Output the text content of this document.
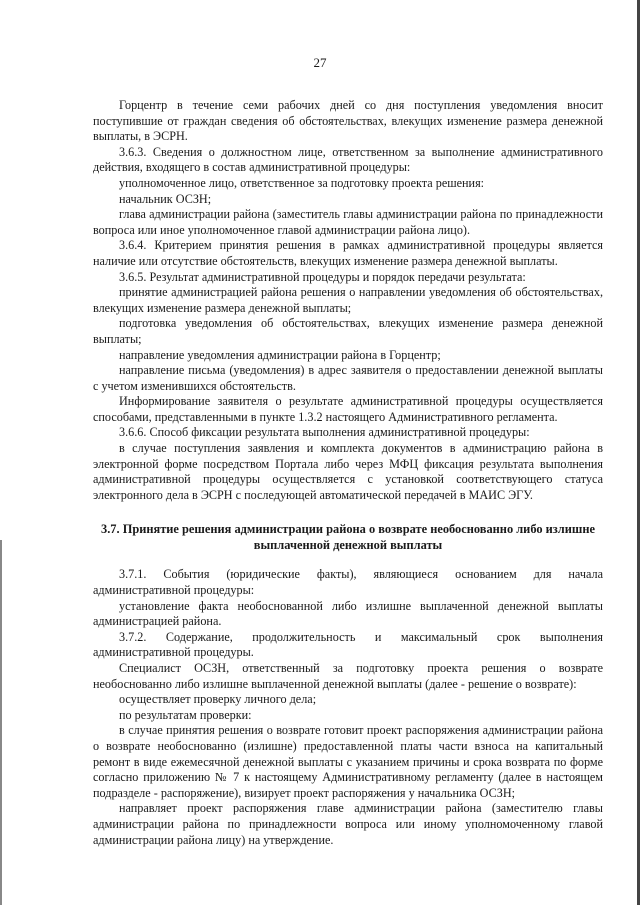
27

Горцентр в течение семи рабочих дней со дня поступления уведомления вносит поступившие от граждан сведения об обстоятельствах, влекущих изменение размера денежной выплаты, в ЭСРН.

3.6.3. Сведения о должностном лице, ответственном за выполнение административного действия, входящего в состав административной процедуры:

уполномоченное лицо, ответственное за подготовку проекта решения:

начальник ОСЗН;

глава администрации района (заместитель главы администрации района по принадлежности вопроса или иное уполномоченное главой администрации района лицо).

3.6.4. Критерием принятия решения в рамках административной процедуры является наличие или отсутствие обстоятельств, влекущих изменение размера денежной выплаты.

3.6.5. Результат административной процедуры и порядок передачи результата:

принятие администрацией района решения о направлении уведомления об обстоятельствах, влекущих изменение размера денежной выплаты;

подготовка уведомления об обстоятельствах, влекущих изменение размера денежной выплаты;

направление уведомления администрации района в Горцентр;

направление письма (уведомления) в адрес заявителя о предоставлении денежной выплаты с учетом изменившихся обстоятельств.

Информирование заявителя о результате административной процедуры осуществляется способами, представленными в пункте 1.3.2 настоящего Административного регламента.

3.6.6. Способ фиксации результата выполнения административной процедуры:

в случае поступления заявления и комплекта документов в администрацию района в электронной форме посредством Портала либо через МФЦ фиксация результата выполнения административной процедуры осуществляется с установкой соответствующего статуса электронного дела в ЭСРН с последующей автоматической передачей в МАИС ЭГУ.

3.7. Принятие решения администрации района о возврате необоснованно либо излишне выплаченной денежной выплаты

3.7.1. События (юридические факты), являющиеся основанием для начала административной процедуры:

установление факта необоснованной либо излишне выплаченной денежной выплаты администрацией района.

3.7.2. Содержание, продолжительность и максимальный срок выполнения административной процедуры.

Специалист ОСЗН, ответственный за подготовку проекта решения о возврате необоснованно либо излишне выплаченной денежной выплаты (далее - решение о возврате):

осуществляет проверку личного дела;

по результатам проверки:

в случае принятия решения о возврате готовит проект распоряжения администрации района о возврате необоснованно (излишне) предоставленной платы части взноса на капитальный ремонт в виде ежемесячной денежной выплаты с указанием причины и срока возврата по форме согласно приложению № 7 к настоящему Административному регламенту (далее в настоящем подразделе - распоряжение), визирует проект распоряжения у начальника ОСЗН;

направляет проект распоряжения главе администрации района (заместителю главы администрации района по принадлежности вопроса или иному уполномоченному главой администрации района лицу) на утверждение.
